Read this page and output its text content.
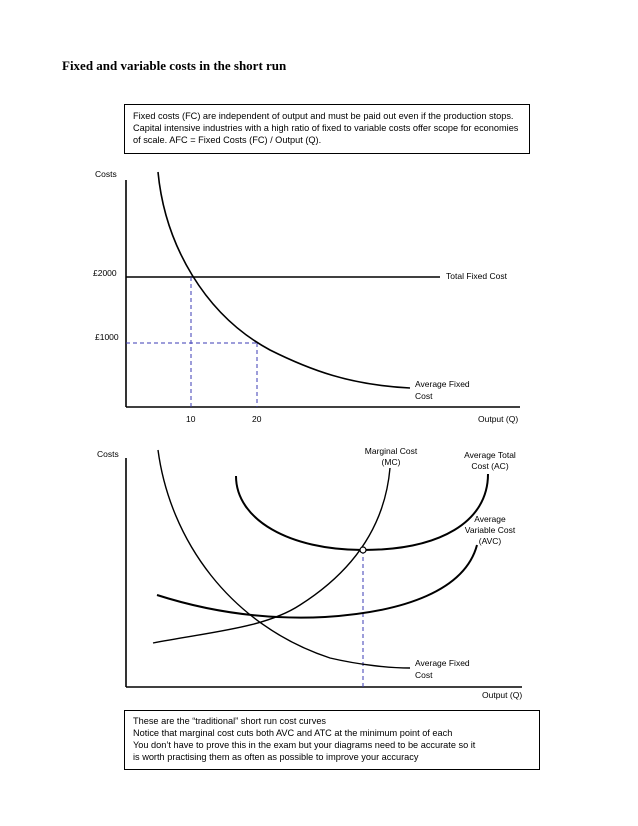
Fixed and variable costs in the short run

Fixed costs (FC) are independent of output and must be paid out even if the production stops. Capital intensive industries with a high ratio of fixed to variable costs offer scope for economies of scale. AFC = Fixed Costs (FC) / Output (Q).

Costs
£2000
£1000
10	20	Output (Q)
Total Fixed Cost
Average Fixed
Cost
Costs
Output (Q)
Marginal Cost
(MC)
Average Total
Cost (AC)
Average
Variable Cost
(AVC)
Average Fixed
Cost

These are the “traditional” short run cost curves

Notice that marginal cost cuts both AVC and ATC at the minimum point of each

You don’t have to prove this in the exam but your diagrams need to be accurate so it

is worth practising them as often as possible to improve your accuracy
